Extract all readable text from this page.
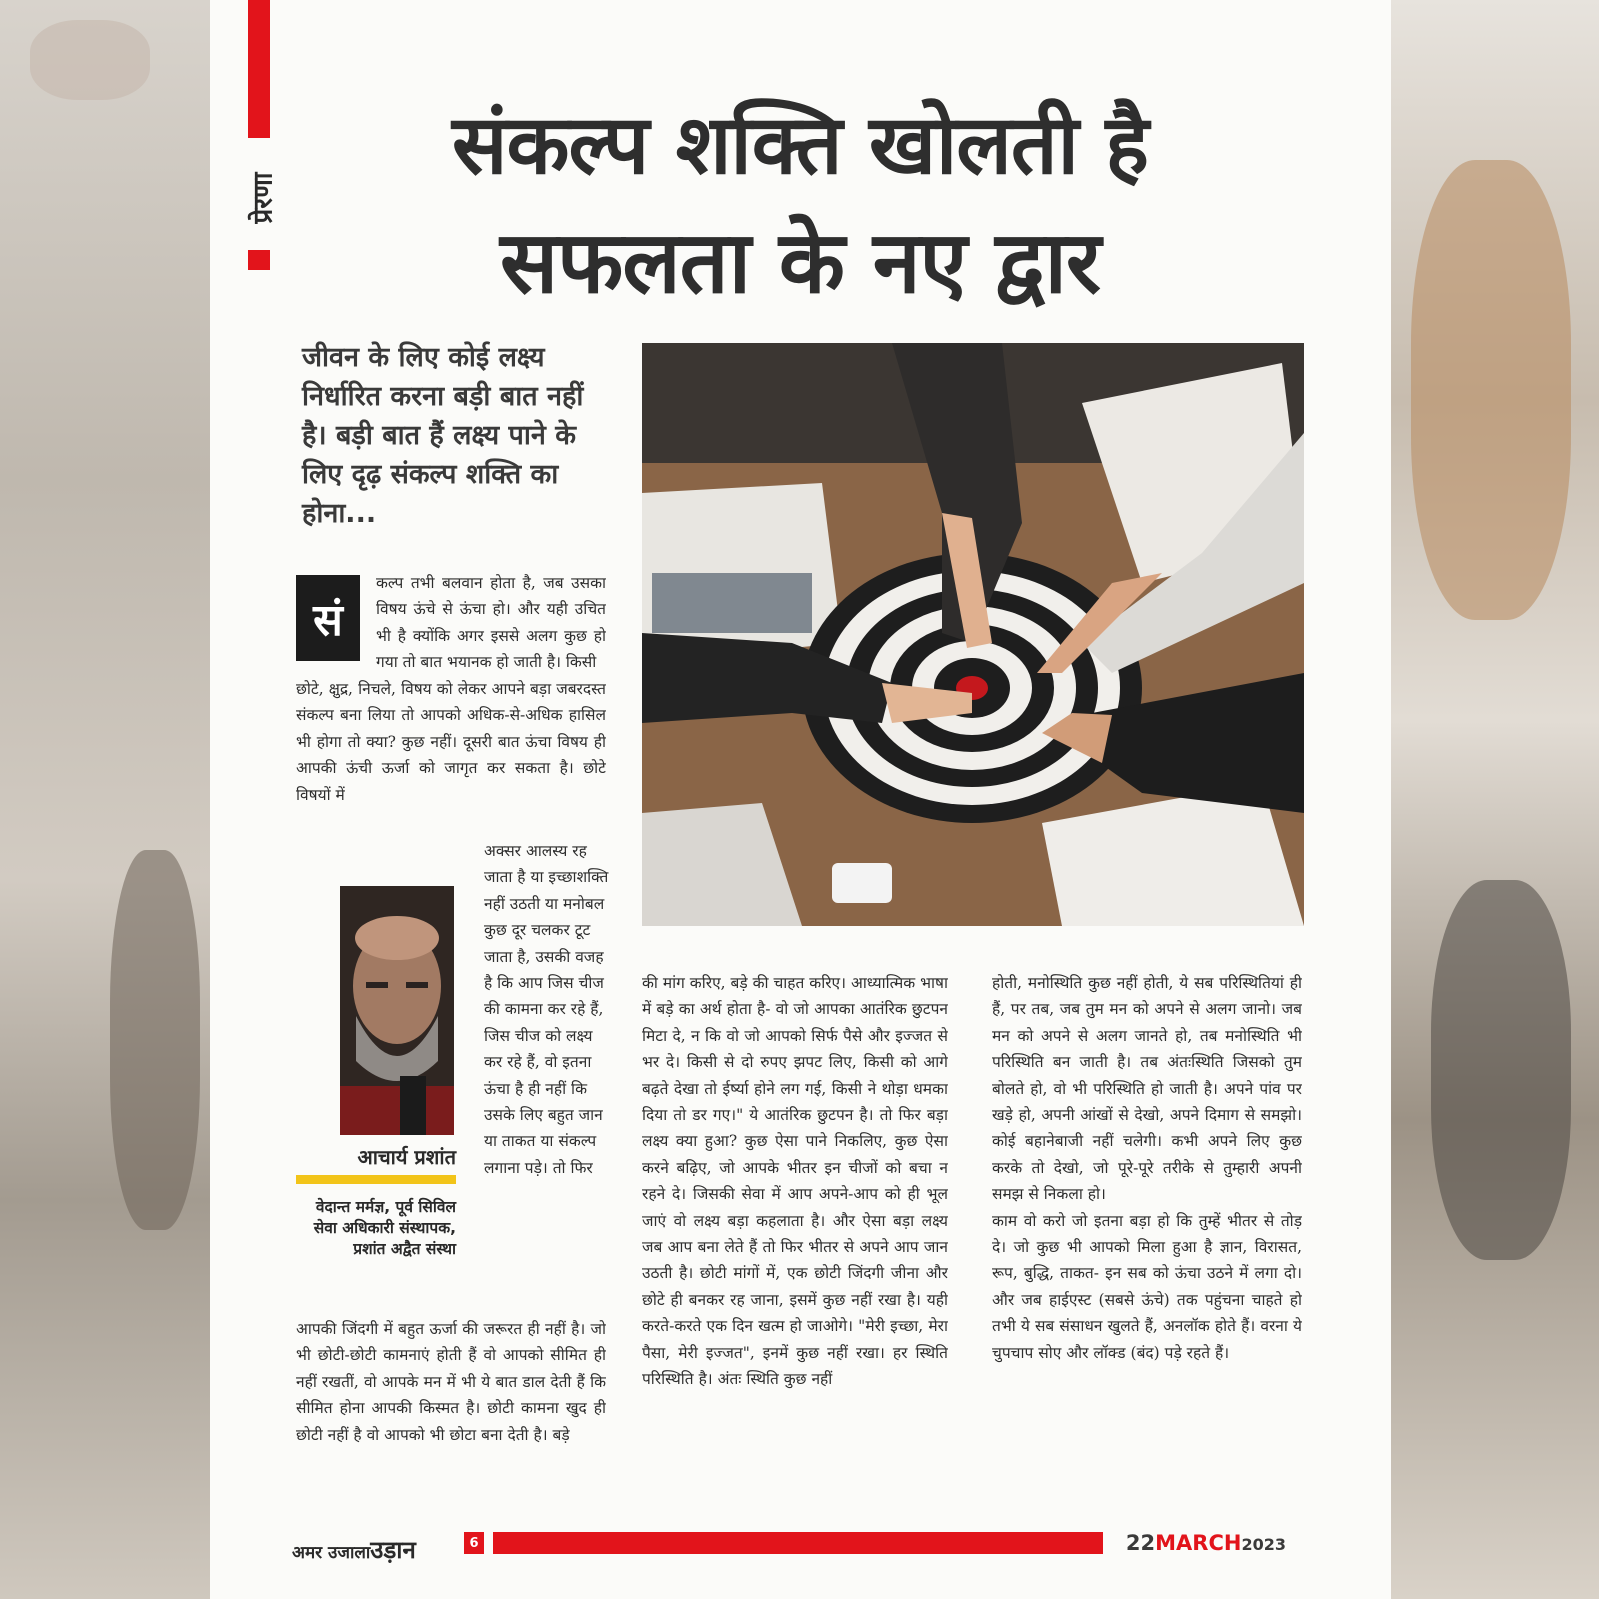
प्रेरणा
संकल्प शक्ति खोलती है
सफलता के नए द्वार
जीवन के लिए कोई लक्ष्य निर्धारित करना बड़ी बात नहीं है। बड़ी बात हैं लक्ष्य पाने के लिए दृढ़ संकल्प शक्ति का होना...
सं
कल्प तभी बलवान होता है, जब उसका विषय ऊंचे से ऊंचा हो। और यही उचित भी है क्योंकि अगर इससे अलग कुछ हो गया तो बात भयानक हो जाती है। किसी
छोटे, क्षुद्र, निचले, विषय को लेकर आपने बड़ा जबरदस्त संकल्प बना लिया तो आपको अधिक-से-अधिक हासिल भी होगा तो क्या? कुछ नहीं। दूसरी बात ऊंचा विषय ही आपकी ऊंची ऊर्जा को जागृत कर सकता है। छोटे विषयों में
आचार्य प्रशांत
वेदान्त मर्मज्ञ, पूर्व सिविल सेवा अधिकारी संस्थापक, प्रशांत अद्वैत संस्था
अक्सर आलस्य रह जाता है या इच्छाशक्ति नहीं उठती या मनोबल कुछ दूर चलकर टूट जाता है, उसकी वजह है कि आप जिस चीज की कामना कर रहे हैं, जिस चीज को लक्ष्य कर रहे हैं, वो इतना ऊंचा है ही नहीं कि उसके लिए बहुत जान या ताकत या संकल्प लगाना पड़े। तो फिर
आपकी जिंदगी में बहुत ऊर्जा की जरूरत ही नहीं है। जो भी छोटी-छोटी कामनाएं होती हैं वो आपको सीमित ही नहीं रखतीं, वो आपके मन में भी ये बात डाल देती हैं कि सीमित होना आपकी किस्मत है। छोटी कामना खुद ही छोटी नहीं है वो आपको भी छोटा बना देती है। बड़े
की मांग करिए, बड़े की चाहत करिए। आध्यात्मिक भाषा में बड़े का अर्थ होता है- वो जो आपका आतंरिक छुटपन मिटा दे, न कि वो जो आपको सिर्फ पैसे और इज्जत से भर दे। किसी से दो रुपए झपट लिए, किसी को आगे बढ़ते देखा तो ईर्ष्या होने लग गई, किसी ने थोड़ा धमका दिया तो डर गए।" ये आतंरिक छुटपन है। तो फिर बड़ा लक्ष्य क्या हुआ? कुछ ऐसा पाने निकलिए, कुछ ऐसा करने बढ़िए, जो आपके भीतर इन चीजों को बचा न रहने दे। जिसकी सेवा में आप अपने-आप को ही भूल जाएं वो लक्ष्य बड़ा कहलाता है। और ऐसा बड़ा लक्ष्य जब आप बना लेते हैं तो फिर भीतर से अपने आप जान उठती है। छोटी मांगों में, एक छोटी जिंदगी जीना और छोटे ही बनकर रह जाना, इसमें कुछ नहीं रखा है। यही करते-करते एक दिन खत्म हो जाओगे। "मेरी इच्छा, मेरा पैसा, मेरी इज्जत", इनमें कुछ नहीं रखा। हर स्थिति परिस्थिति है। अंतः स्थिति कुछ नहीं
होती, मनोस्थिति कुछ नहीं होती, ये सब परिस्थितियां ही हैं, पर तब, जब तुम मन को अपने से अलग जानो। जब मन को अपने से अलग जानते हो, तब मनोस्थिति भी परिस्थिति बन जाती है। तब अंतःस्थिति जिसको तुम बोलते हो, वो भी परिस्थिति हो जाती है। अपने पांव पर खड़े हो, अपनी आंखों से देखो, अपने दिमाग से समझो। कोई बहानेबाजी नहीं चलेगी। कभी अपने लिए कुछ करके तो देखो, जो पूरे-पूरे तरीके से तुम्हारी अपनी समझ से निकला हो।
काम वो करो जो इतना बड़ा हो कि तुम्हें भीतर से तोड़ दे। जो कुछ भी आपको मिला हुआ है ज्ञान, विरासत, रूप, बुद्धि, ताकत- इन सब को ऊंचा उठने में लगा दो। और जब हाईएस्ट (सबसे ऊंचे) तक पहुंचना चाहते हो तभी ये सब संसाधन खुलते हैं, अनलॉक होते हैं। वरना ये चुपचाप सोए और लॉक्ड (बंद) पड़े रहते हैं।
अमर उजालाउड़ान	6	22MARCH2023
